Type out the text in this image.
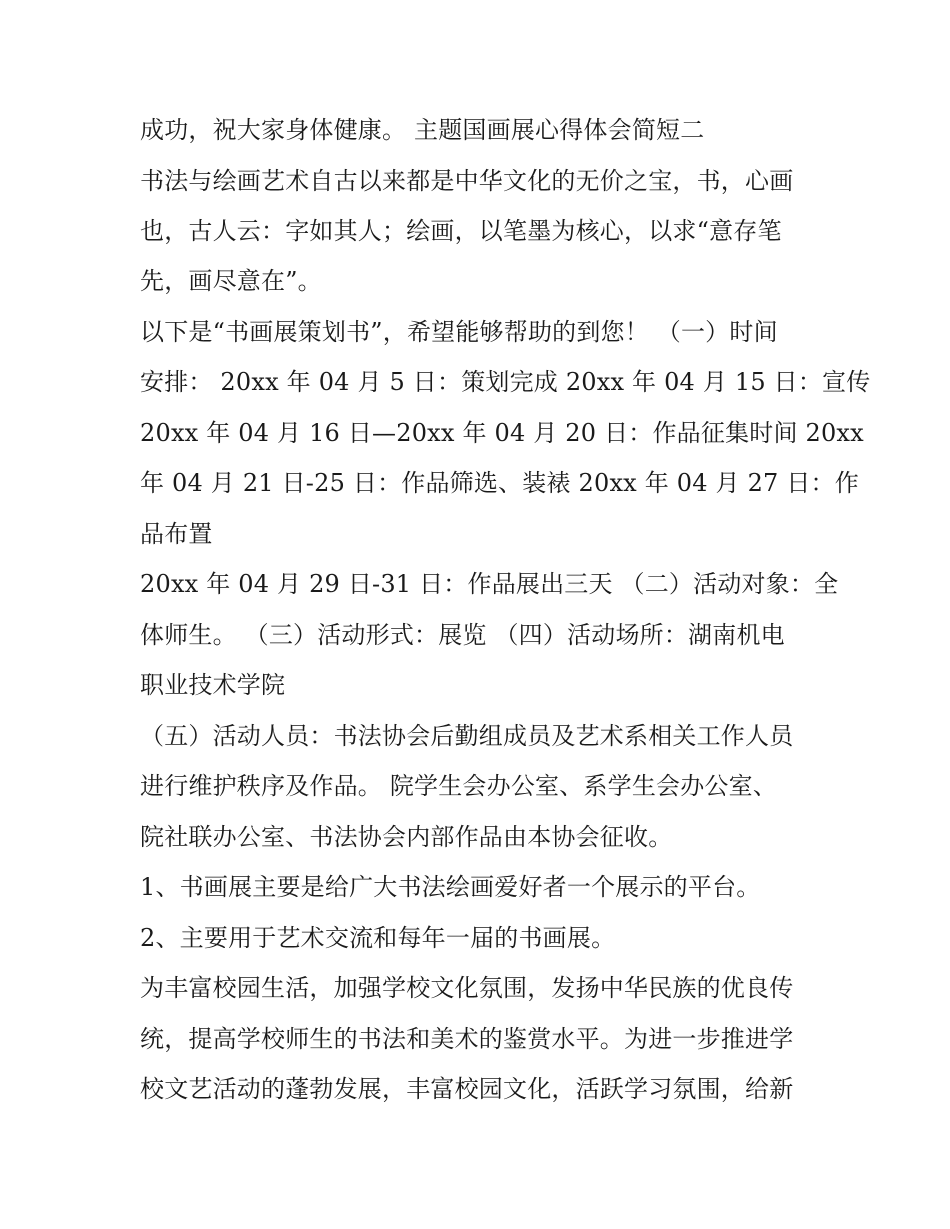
成功，祝大家身体健康。 主题国画展心得体会简短二
书法与绘画艺术自古以来都是中华文化的无价之宝，书，心画
也，古人云：字如其人；绘画，以笔墨为核心，以求“意存笔
先，画尽意在”。
以下是“书画展策划书”，希望能够帮助的到您！ （一）时间
安排： 20xx 年 04 月 5 日：策划完成 20xx 年 04 月 15 日：宣传
20xx 年 04 月 16 日—20xx 年 04 月 20 日：作品征集时间 20xx
年 04 月 21 日-25 日：作品筛选、装裱 20xx 年 04 月 27 日：作
品布置
20xx 年 04 月 29 日-31 日：作品展出三天 （二）活动对象：全
体师生。 （三）活动形式：展览 （四）活动场所：湖南机电
职业技术学院
（五）活动人员：书法协会后勤组成员及艺术系相关工作人员
进行维护秩序及作品。 院学生会办公室、系学生会办公室、
院社联办公室、书法协会内部作品由本协会征收。
1、书画展主要是给广大书法绘画爱好者一个展示的平台。
2、主要用于艺术交流和每年一届的书画展。
为丰富校园生活，加强学校文化氛围，发扬中华民族的优良传
统，提高学校师生的书法和美术的鉴赏水平。为进一步推进学
校文艺活动的蓬勃发展，丰富校园文化，活跃学习氛围，给新
